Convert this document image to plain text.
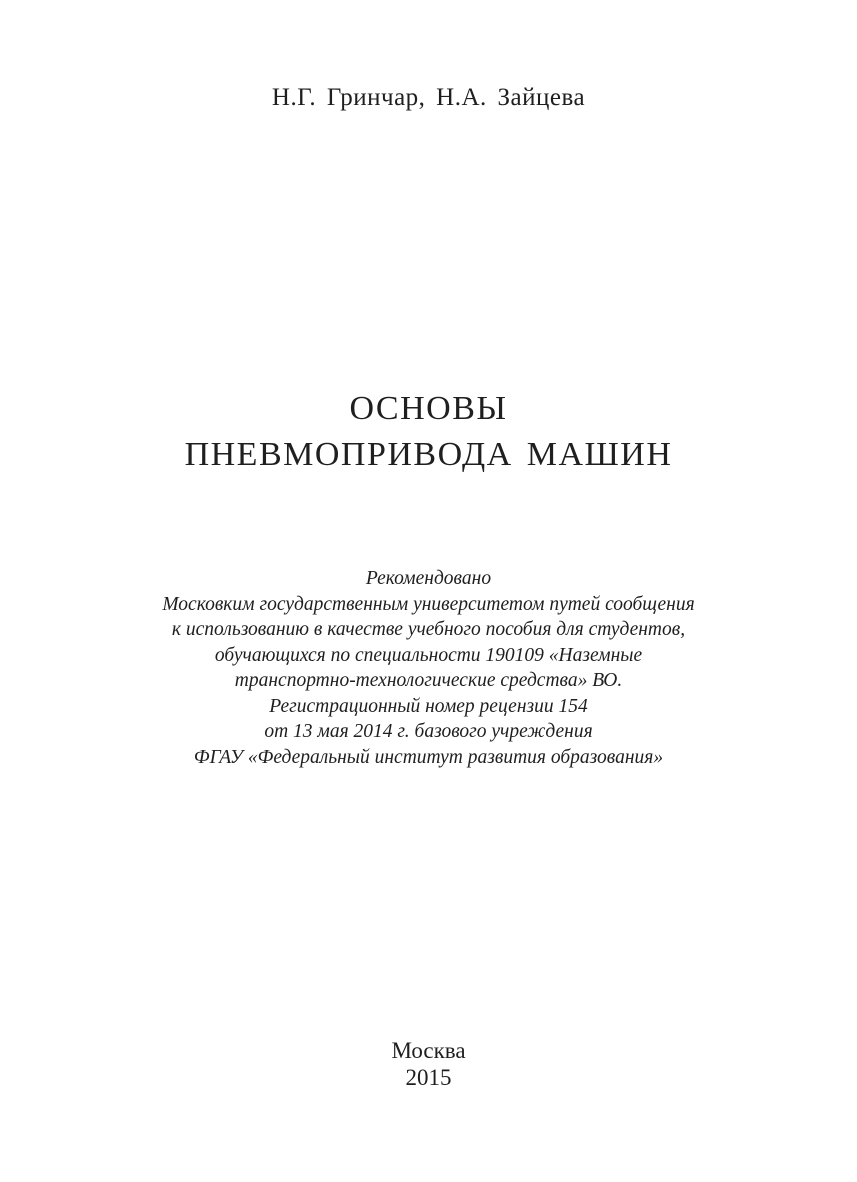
Н.Г. Гринчар, Н.А. Зайцева
ОСНОВЫ
ПНЕВМОПРИВОДА МАШИН
Рекомендовано
Московким государственным университетом путей сообщения
к использованию в качестве учебного пособия для студентов,
обучающихся по специальности 190109 «Наземные
транспортно-технологические средства» ВО.
Регистрационный номер рецензии 154
от 13 мая 2014 г. базового учреждения
ФГАУ «Федеральный институт развития образования»
Москва
2015
